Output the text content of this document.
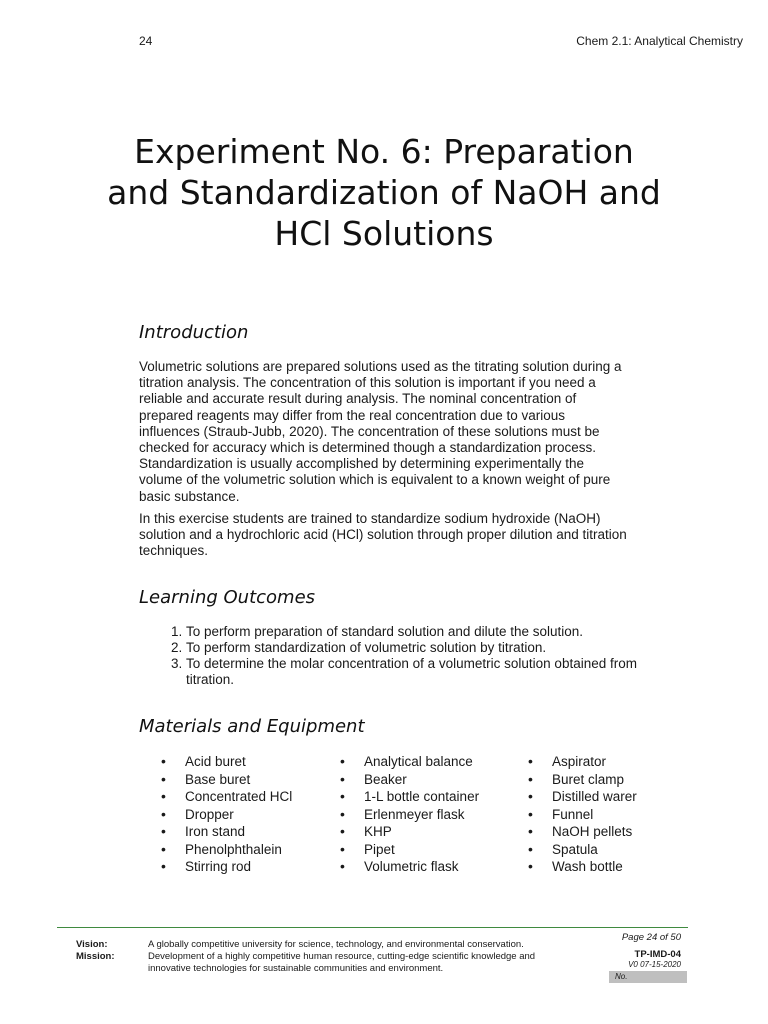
24	Chem 2.1: Analytical Chemistry
Experiment No. 6: Preparation and Standardization of NaOH and HCl Solutions
Introduction

Volumetric solutions are prepared solutions used as the titrating solution during a titration analysis. The concentration of this solution is important if you need a reliable and accurate result during analysis. The nominal concentration of prepared reagents may differ from the real concentration due to various influences (Straub-Jubb, 2020). The concentration of these solutions must be checked for accuracy which is determined though a standardization process. Standardization is usually accomplished by determining experimentally the volume of the volumetric solution which is equivalent to a known weight of pure basic substance.

In this exercise students are trained to standardize sodium hydroxide (NaOH) solution and a hydrochloric acid (HCl) solution through proper dilution and titration techniques.

Learning Outcomes
1. To perform preparation of standard solution and dilute the solution.
2. To perform standardization of volumetric solution by titration.
3. To determine the molar concentration of a volumetric solution obtained from titration.
Materials and Equipment
• Acid buret
• Base buret
• Concentrated HCl
• Dropper
• Iron stand
• Phenolphthalein
• Stirring rod
• Analytical balance
• Beaker
• 1-L bottle container
• Erlenmeyer flask
• KHP
• Pipet
• Volumetric flask
• Aspirator
• Buret clamp
• Distilled warer
• Funnel
• NaOH pellets
• Spatula
• Wash bottle
Vision:	A globally competitive university for science, technology, and environmental conservation.
Mission:	Development of a highly competitive human resource, cutting-edge scientific knowledge and innovative technologies for sustainable communities and environment.
Page 24 of 50
TP-IMD-04
V0 07-15-2020
No.
